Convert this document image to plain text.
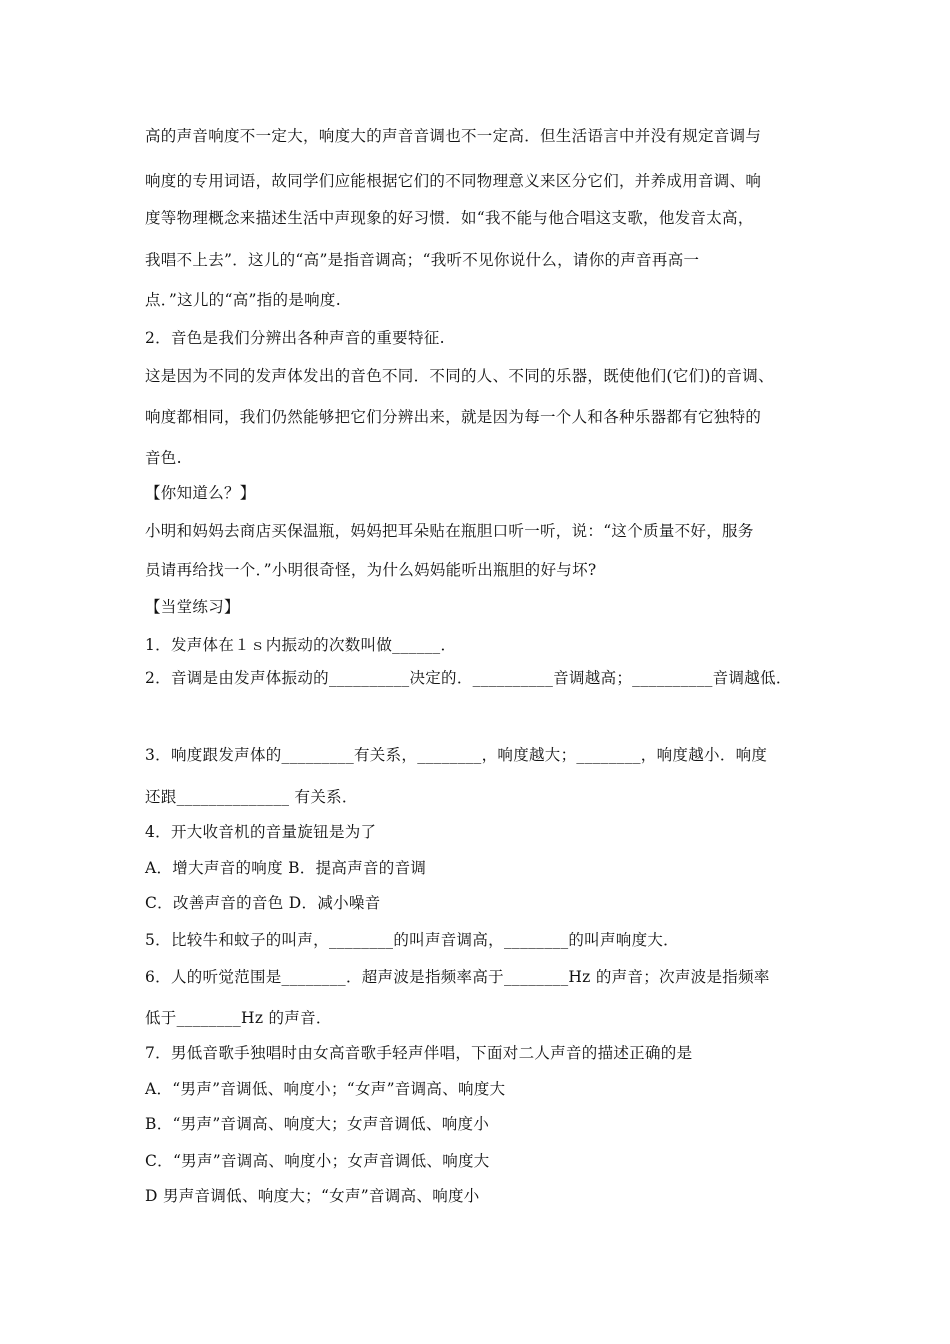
高的声音响度不一定大，响度大的声音音调也不一定高．但生活语言中并没有规定音调与
响度的专用词语，故同学们应能根据它们的不同物理意义来区分它们，并养成用音调、响
度等物理概念来描述生活中声现象的好习惯．如“我不能与他合唱这支歌，他发音太高，
我唱不上去”．这儿的“高”是指音调高；“我听不见你说什么，请你的声音再高一
点．”这儿的“高”指的是响度.
2．音色是我们分辨出各种声音的重要特征.
这是因为不同的发声体发出的音色不同．不同的人、不同的乐器，既使他们(它们)的音调、
响度都相同，我们仍然能够把它们分辨出来，就是因为每一个人和各种乐器都有它独特的
音色.
【你知道么？】
小明和妈妈去商店买保温瓶，妈妈把耳朵贴在瓶胆口听一听，说：“这个质量不好，服务
员请再给找一个．”小明很奇怪，为什么妈妈能听出瓶胆的好与坏?
【当堂练习】
1．发声体在１ｓ内振动的次数叫做______．
2．音调是由发声体振动的__________决定的．__________音调越高；__________音调越低．
3．响度跟发声体的_________有关系，________，响度越大；________，响度越小．响度
还跟______________ 有关系．
4．开大收音机的音量旋钮是为了
A．增大声音的响度 B．提高声音的音调
C．改善声音的音色 D．减小噪音
5．比较牛和蚊子的叫声，________的叫声音调高，________的叫声响度大．
6．人的听觉范围是________．超声波是指频率高于________Hz 的声音；次声波是指频率
低于________Hz 的声音．
7．男低音歌手独唱时由女高音歌手轻声伴唱，下面对二人声音的描述正确的是
A．“男声”音调低、响度小；“女声”音调高、响度大
B．“男声”音调高、响度大；女声音调低、响度小
C．“男声”音调高、响度小；女声音调低、响度大
D 男声音调低、响度大；“女声”音调高、响度小
